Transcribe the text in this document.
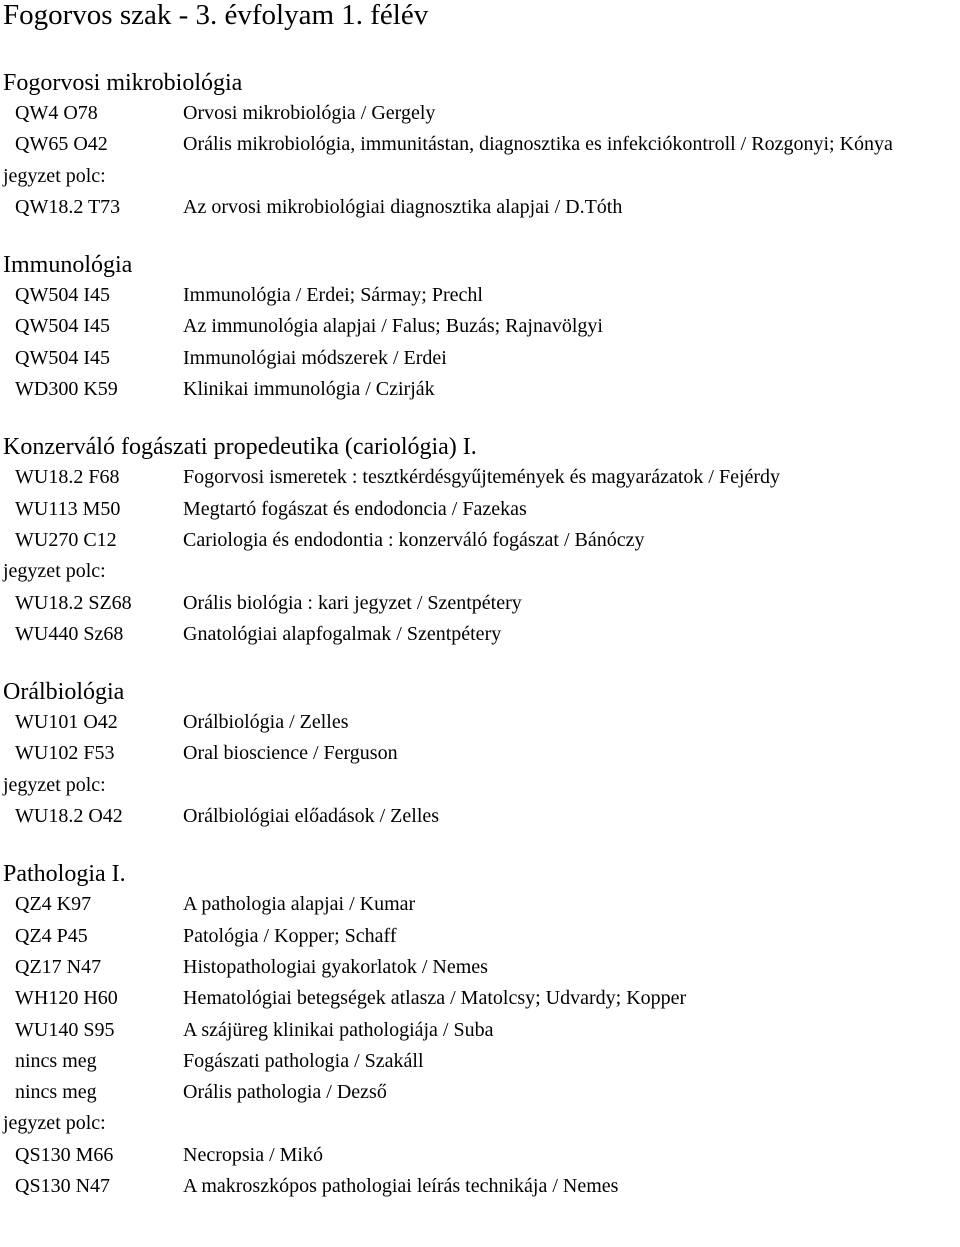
Fogorvos szak - 3. évfolyam 1. félév
Fogorvosi mikrobiológia
QW4 O78	Orvosi mikrobiológia / Gergely
QW65 O42	Orális mikrobiológia, immunitástan, diagnosztika es infekciókontroll / Rozgonyi; Kónya
jegyzet polc:
QW18.2 T73	Az orvosi mikrobiológiai diagnosztika alapjai / D.Tóth
Immunológia
QW504 I45	Immunológia / Erdei; Sármay; Prechl
QW504 I45	Az immunológia alapjai / Falus; Buzás; Rajnavölgyi
QW504 I45	Immunológiai módszerek / Erdei
WD300 K59	Klinikai immunológia / Czirják
Konzerváló fogászati propedeutika (cariológia) I.
WU18.2 F68	Fogorvosi ismeretek : tesztkérdésgyűjtemények és magyarázatok / Fejérdy
WU113 M50	Megtartó fogászat és endodoncia / Fazekas
WU270 C12	Cariologia és endodontia : konzerváló fogászat / Bánóczy
jegyzet polc:
WU18.2 SZ68	Orális biológia : kari jegyzet / Szentpétery
WU440 Sz68	Gnatológiai alapfogalmak / Szentpétery
Orálbiológia
WU101 O42	Orálbiológia / Zelles
WU102 F53	Oral bioscience / Ferguson
jegyzet polc:
WU18.2 O42	Orálbiológiai előadások / Zelles
Pathologia I.
QZ4 K97	A pathologia alapjai / Kumar
QZ4 P45	Patológia / Kopper; Schaff
QZ17 N47	Histopathologiai gyakorlatok / Nemes
WH120 H60	Hematológiai betegségek atlasza / Matolcsy; Udvardy; Kopper
WU140 S95	A szájüreg klinikai pathologiája / Suba
nincs meg	Fogászati pathologia / Szakáll
nincs meg	Orális pathologia / Dezső
jegyzet polc:
QS130 M66	Necropsia / Mikó
QS130 N47	A makroszkópos pathologiai leírás technikája / Nemes
